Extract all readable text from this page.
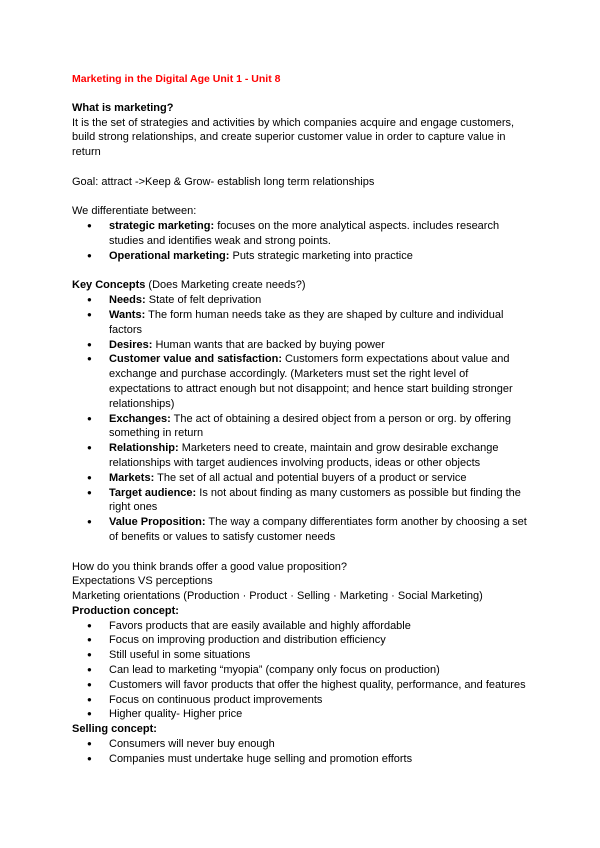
Marketing in the Digital Age Unit 1 - Unit 8

What is marketing?

It is the set of strategies and activities by which companies acquire and engage customers, build strong relationships, and create superior customer value in order to capture value in return

Goal: attract ->Keep & Grow- establish long term relationships

We differentiate between:

● strategic marketing: focuses on the more analytical aspects. includes research studies and identifies weak and strong points.
● Operational marketing: Puts strategic marketing into practice

Key Concepts (Does Marketing create needs?)

● Needs: State of felt deprivation
● Wants: The form human needs take as they are shaped by culture and individual factors
● Desires: Human wants that are backed by buying power
● Customer value and satisfaction: Customers form expectations about value and exchange and purchase accordingly. (Marketers must set the right level of expectations to attract enough but not disappoint; and hence start building stronger relationships)
● Exchanges: The act of obtaining a desired object from a person or org. by offering something in return
● Relationship: Marketers need to create, maintain and grow desirable exchange relationships with target audiences involving products, ideas or other objects
● Markets: The set of all actual and potential buyers of a product or service
● Target audience: Is not about finding as many customers as possible but finding the right ones
● Value Proposition: The way a company differentiates form another by choosing a set of benefits or values to satisfy customer needs

How do you think brands offer a good value proposition?

Expectations VS perceptions

Marketing orientations (Production · Product · Selling · Marketing · Social Marketing)

Production concept:

● Favors products that are easily available and highly affordable
● Focus on improving production and distribution efficiency
● Still useful in some situations
● Can lead to marketing “myopia” (company only focus on production)
● Customers will favor products that offer the highest quality, performance, and features
● Focus on continuous product improvements
● Higher quality- Higher price

Selling concept:

● Consumers will never buy enough
● Companies must undertake huge selling and promotion efforts
